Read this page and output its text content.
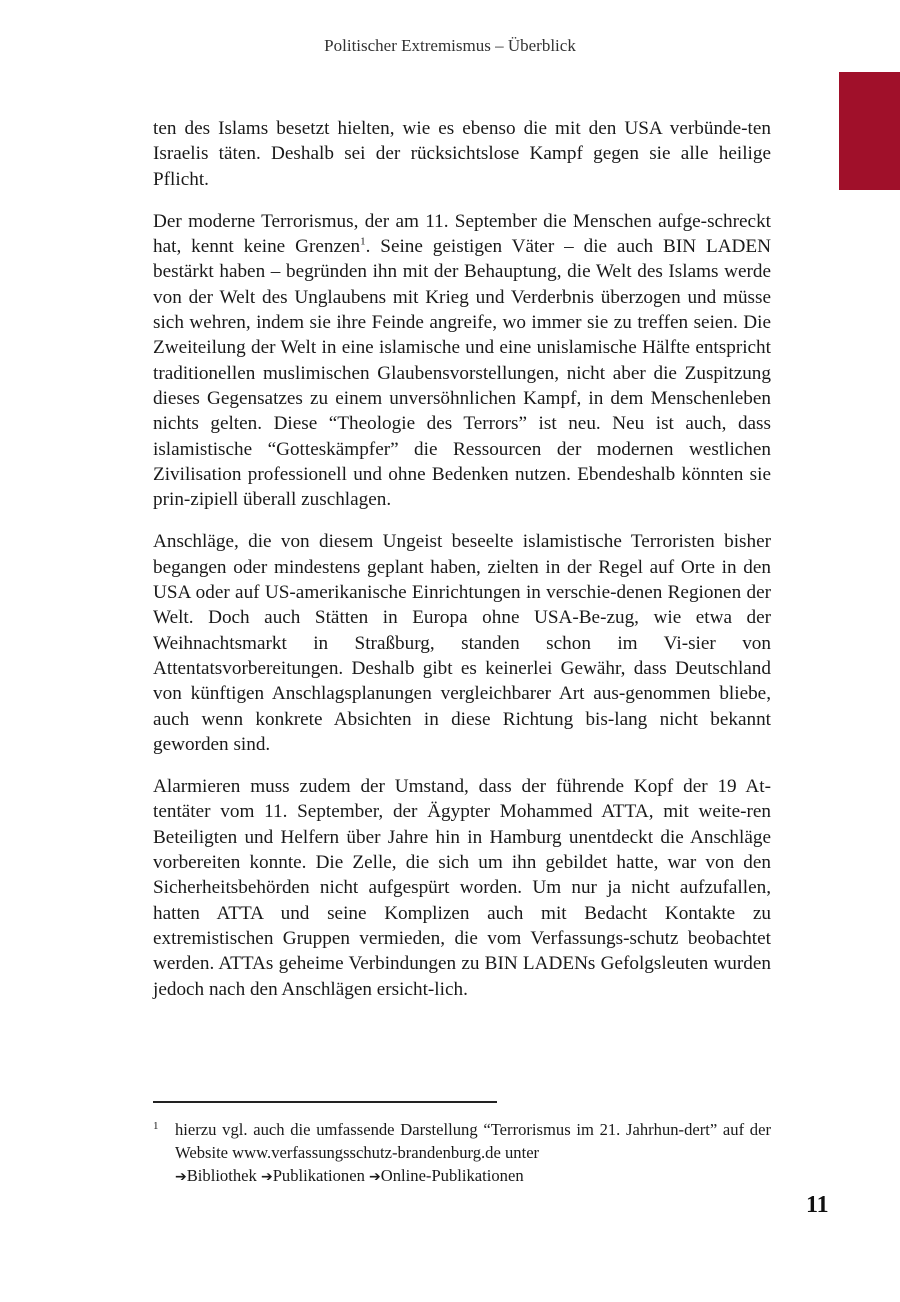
Politischer Extremismus – Überblick

ten des Islams besetzt hielten, wie es ebenso die mit den USA verbünde-ten Israelis täten. Deshalb sei der rücksichtslose Kampf gegen sie alle heilige Pflicht.

Der moderne Terrorismus, der am 11. September die Menschen aufge-schreckt hat, kennt keine Grenzen$^1$. Seine geistigen Väter – die auch BIN LADEN bestärkt haben – begründen ihn mit der Behauptung, die Welt des Islams werde von der Welt des Unglaubens mit Krieg und Verderbnis überzogen und müsse sich wehren, indem sie ihre Feinde angreife, wo immer sie zu treffen seien. Die Zweiteilung der Welt in eine islamische und eine unislamische Hälfte entspricht traditionellen muslimischen Glaubensvorstellungen, nicht aber die Zuspitzung dieses Gegensatzes zu einem unversöhnlichen Kampf, in dem Menschenleben nichts gelten. Diese “Theologie des Terrors” ist neu. Neu ist auch, dass islamistische “Gotteskämpfer” die Ressourcen der modernen westlichen Zivilisation professionell und ohne Bedenken nutzen. Ebendeshalb könnten sie prin-zipiell überall zuschlagen.

Anschläge, die von diesem Ungeist beseelte islamistische Terroristen bisher begangen oder mindestens geplant haben, zielten in der Regel auf Orte in den USA oder auf US-amerikanische Einrichtungen in verschie-denen Regionen der Welt. Doch auch Stätten in Europa ohne USA-Be-zug, wie etwa der Weihnachtsmarkt in Straßburg, standen schon im Vi-sier von Attentatsvorbereitungen. Deshalb gibt es keinerlei Gewähr, dass Deutschland von künftigen Anschlagsplanungen vergleichbarer Art aus-genommen bliebe, auch wenn konkrete Absichten in diese Richtung bis-lang nicht bekannt geworden sind.

Alarmieren muss zudem der Umstand, dass der führende Kopf der 19 At-tentäter vom 11. September, der Ägypter Mohammed ATTA, mit weite-ren Beteiligten und Helfern über Jahre hin in Hamburg unentdeckt die Anschläge vorbereiten konnte. Die Zelle, die sich um ihn gebildet hatte, war von den Sicherheitsbehörden nicht aufgespürt worden. Um nur ja nicht aufzufallen, hatten ATTA und seine Komplizen auch mit Bedacht Kontakte zu extremistischen Gruppen vermieden, die vom Verfassungs-schutz beobachtet werden. ATTAs geheime Verbindungen zu BIN LADENs Gefolgsleuten wurden jedoch nach den Anschlägen ersicht-lich.

1 hierzu vgl. auch die umfassende Darstellung “Terrorismus im 21. Jahrhun-dert” auf der Website www.verfassungsschutz-brandenburg.de unter
➔Bibliothek ➔Publikationen ➔Online-Publikationen
11
